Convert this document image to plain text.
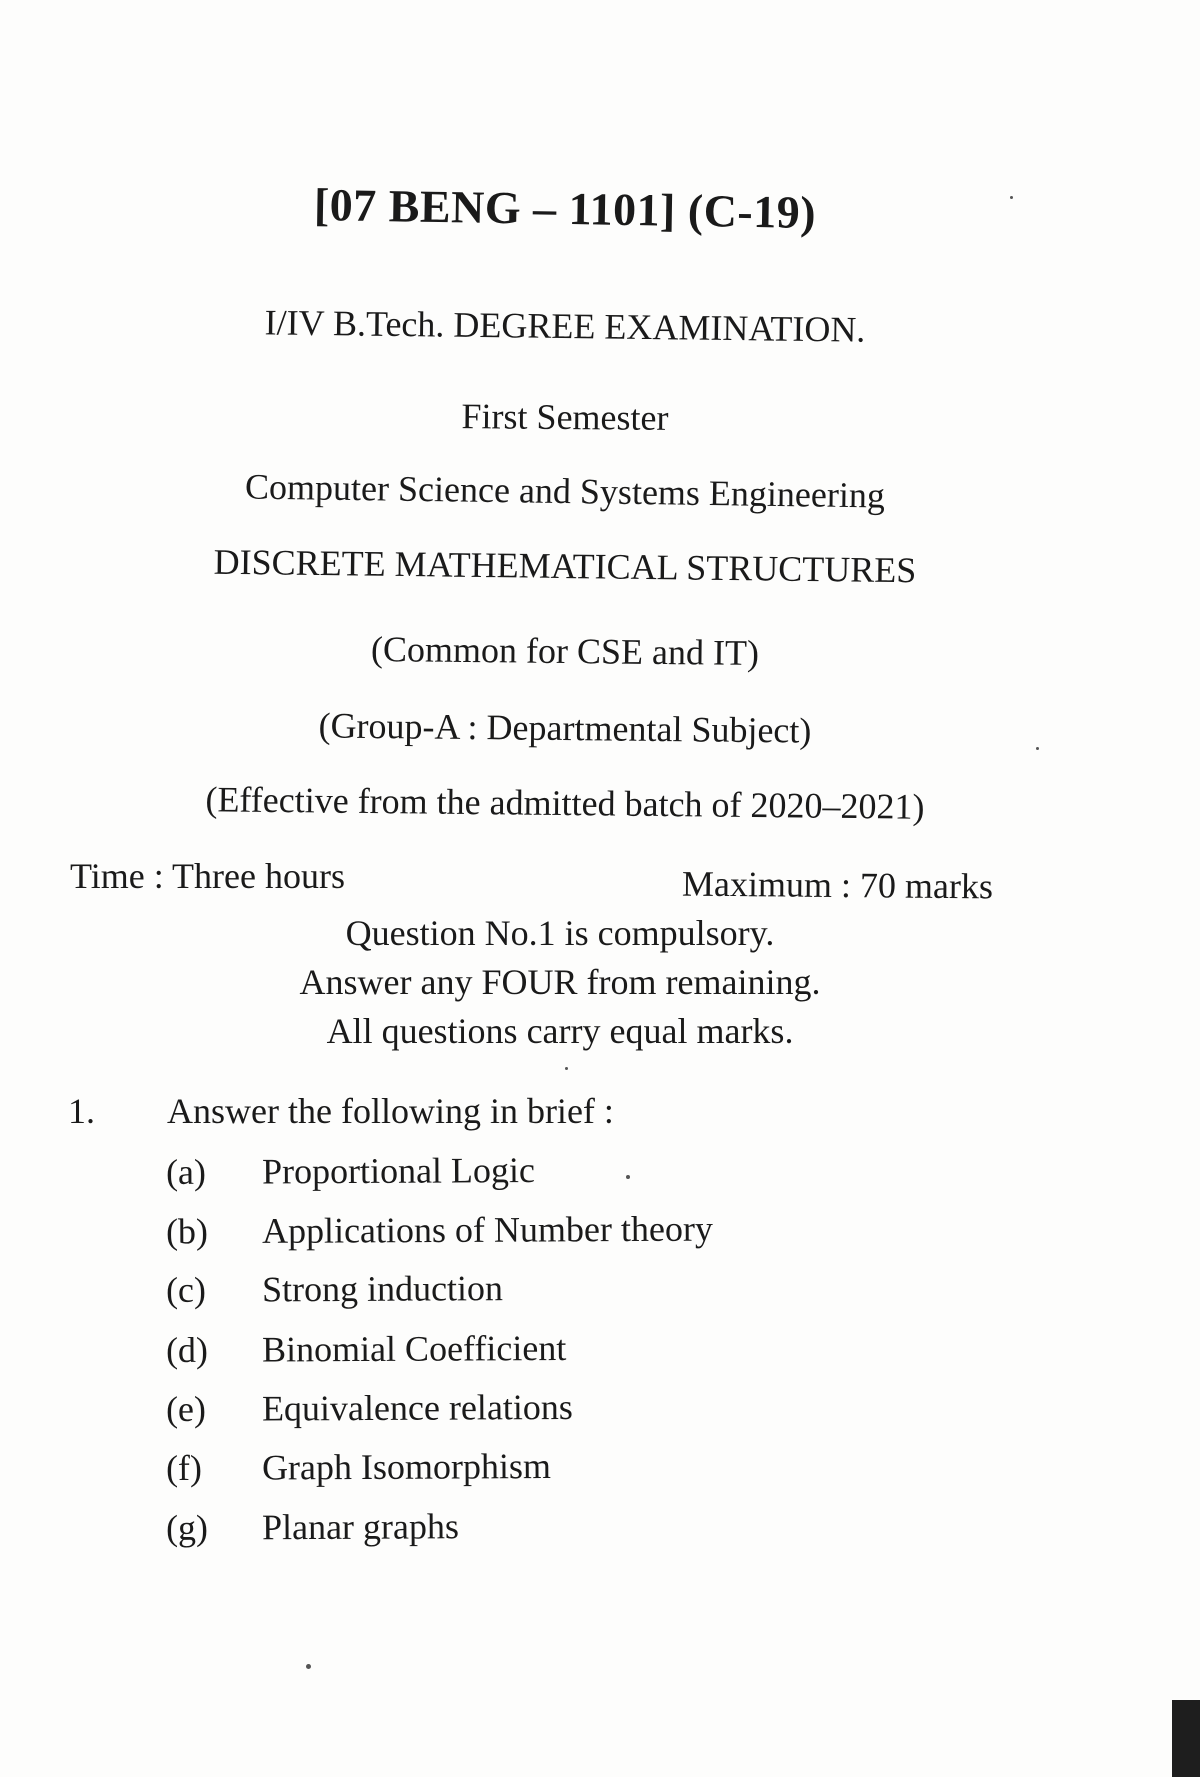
[07 BENG – 1101] (C-19)
I/IV B.Tech. DEGREE EXAMINATION.
First Semester
Computer Science and Systems Engineering
DISCRETE MATHEMATICAL STRUCTURES
(Common for CSE and IT)
(Group-A : Departmental Subject)
(Effective from the admitted batch of 2020–2021)
Time : Three hours	Maximum : 70 marks
Question No.1 is compulsory.
Answer any FOUR from remaining.
All questions carry equal marks.
1. Answer the following in brief :
(a) Proportional Logic
(b) Applications of Number theory
(c) Strong induction
(d) Binomial Coefficient
(e) Equivalence relations
(f) Graph Isomorphism
(g) Planar graphs
